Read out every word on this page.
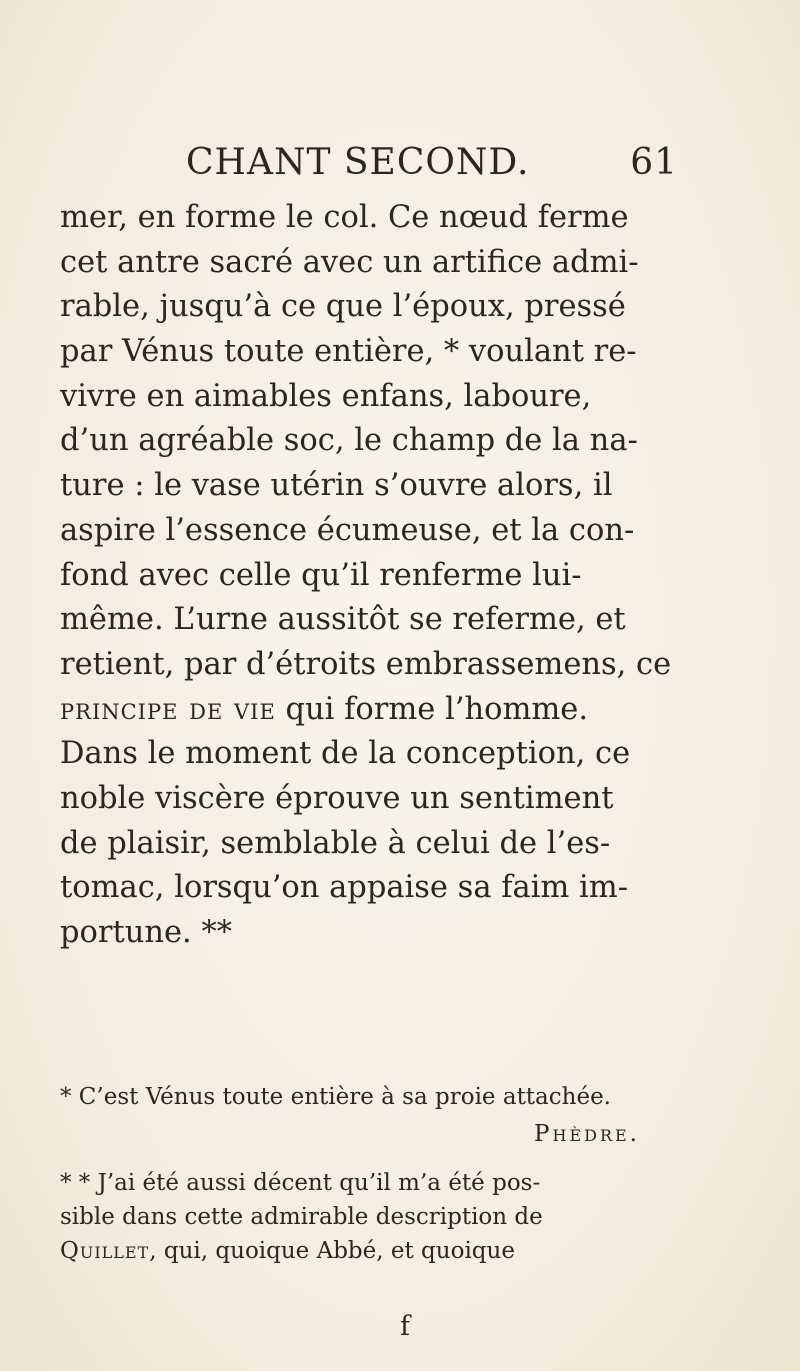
CHANT SECOND.	61
mer, en forme le col. Ce nœud ferme
cet antre sacré avec un artifice admi-
rable, jusqu’à ce que l’époux, pressé
par Vénus toute entière, * voulant re-
vivre en aimables enfans, laboure,
d’un agréable soc, le champ de la na-
ture : le vase utérin s’ouvre alors, il
aspire l’essence écumeuse, et la con-
fond avec celle qu’il renferme lui-
même. L’urne aussitôt se referme, et
retient, par d’étroits embrassemens, ce
principe de vie qui forme l’homme.
Dans le moment de la conception, ce
noble viscère éprouve un sentiment
de plaisir, semblable à celui de l’es-
tomac, lorsqu’on appaise sa faim im-
portune. **
* C’est Vénus toute entière à sa proie attachée.
Phèdre.
* * J’ai été aussi décent qu’il m’a été pos-
sible dans cette admirable description de
Quillet, qui, quoique Abbé, et quoique
f
